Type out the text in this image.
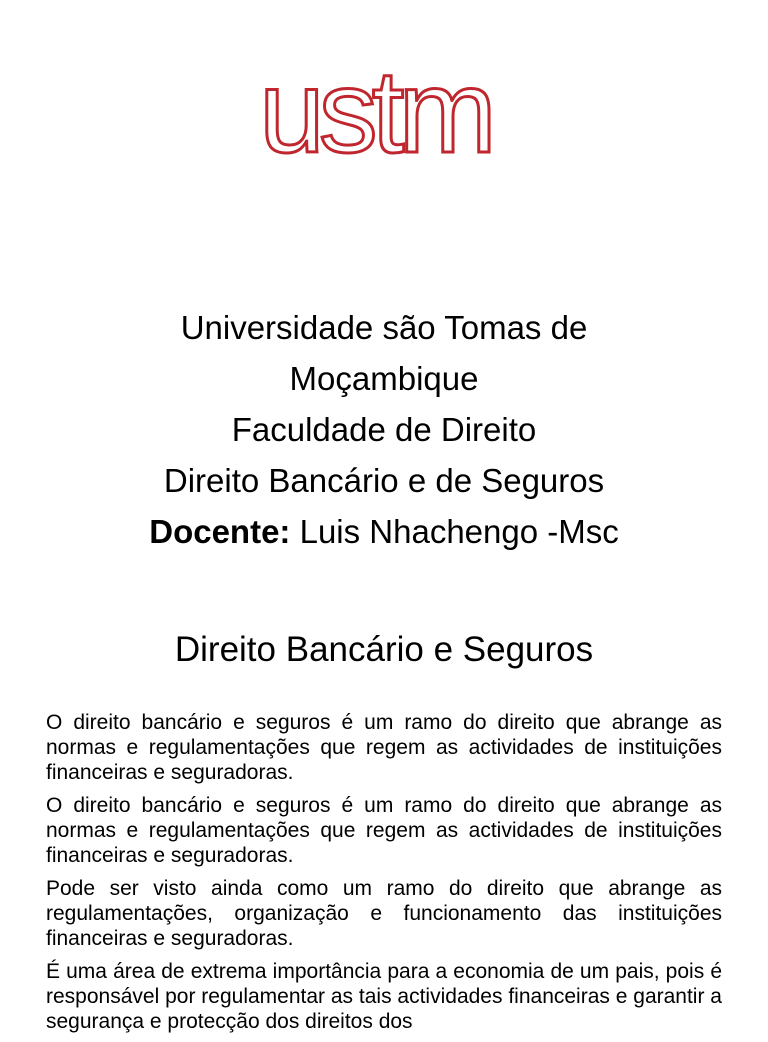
ustm
Universidade são Tomas de
Moçambique
Faculdade de Direito
Direito Bancário e de Seguros
Docente: Luis Nhachengo -Msc
Direito Bancário e Seguros

O direito bancário e seguros é um ramo do direito que abrange as normas e regulamentações que regem as actividades de instituições financeiras e seguradoras.

O direito bancário e seguros é um ramo do direito que abrange as normas e regulamentações que regem as actividades de instituições financeiras e seguradoras.

Pode ser visto ainda como um ramo do direito que abrange as regulamentações, organização e funcionamento das instituições financeiras e seguradoras.

É uma área de extrema importância para a economia de um pais, pois é responsável por regulamentar as tais actividades financeiras e garantir a segurança e protecção dos direitos dos
